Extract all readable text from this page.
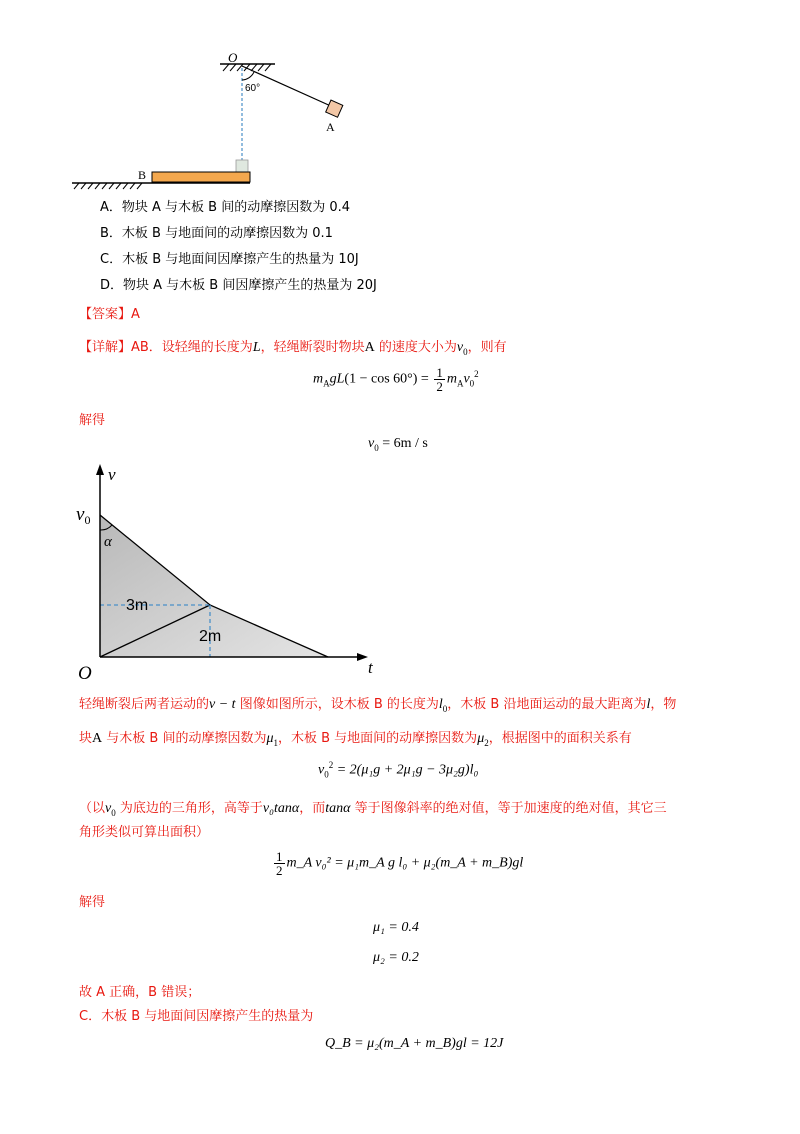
O
60°
A
B
A．物块 A 与木板 B 间的动摩擦因数为 0.4
B．木板 B 与地面间的动摩擦因数为 0.1
C．木板 B 与地面间因摩擦产生的热量为 10J
D．物块 A 与木板 B 间因摩擦产生的热量为 20J
【答案】A
【详解】AB．设轻绳的长度为L，轻绳断裂时物块A 的速度大小为$v_0$，则有
$m_AgL(1 - \cos 60^\circ) = \frac{1}{2} m_Av_0^2$
解得
$v_0 = 6m / s$
v
t
O
$v_0$
α
3m
2m
轻绳断裂后两者运动的v − t 图像如图所示，设木板 B 的长度为$l_0$，木板 B 沿地面运动的最大距离为l，物
块A 与木板 B 间的动摩擦因数为$\mu_1$，木板 B 与地面间的动摩擦因数为$\mu_2$，根据图中的面积关系有
$v_0^2 = 2(\mu_1g + 2\mu_1g - 3\mu_2g)l_0$
（以$v_0$ 为底边的三角形，高等于v₀tanα，而tanα 等于图像斜率的绝对值，等于加速度的绝对值，其它三
角形类似可算出面积）
$\frac{1}{2}$ m_A v₀² = μ₁m_A g l₀ + μ₂(m_A + m_B)gl
解得
μ₁ = 0.4
μ₂ = 0.2
故 A 正确，B 错误；
C．木板 B 与地面间因摩擦产生的热量为
Q_B = μ₂(m_A + m_B)gl = 12J
